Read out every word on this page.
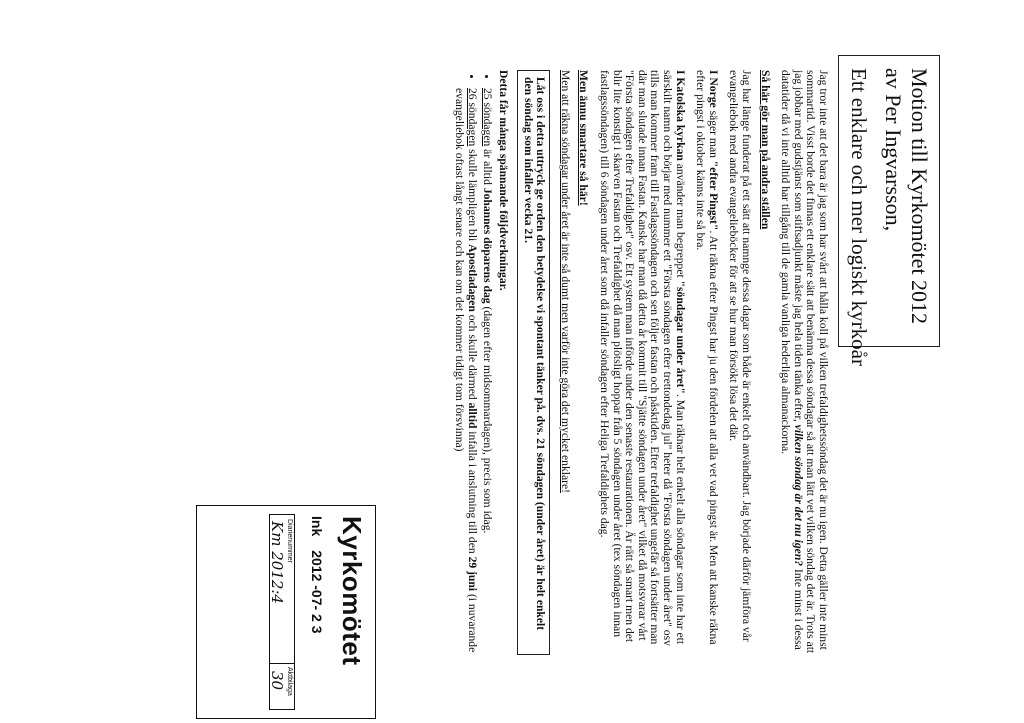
Motion till Kyrkomötet 2012
av Per Ingvarsson,
Ett enklare och mer logiskt kyrkoår
Kyrkomötet
Ink2012 -07- 2 3
Diarienummer
Aktbilaga
Km 2012:4
30

Jag tror inte att det bara är jag som har svårt att hålla koll på vilken trefaldighetssöndag det är nu igen. Detta gäller inte minst sommartid. Visst borde det finnas ett enklare sätt att benämna dessa söndagar så att man lätt vet vilken söndag det är. Trots att jag jobbar med gudstjänst som stiftsadjunkt måste jag hela tiden tänka efter, vilken söndag är det nu igen? Inte minst i dessa datatider då vi inte alltid har tillgång till de gamla vanliga hederliga almanackorna.

Så här gör man på andra ställen

Jag har länge funderat på ett sätt att namnge dessa dagar som både är enkelt och användbart. Jag började därför jämföra vår evangeliebok med andra evangelieböcker för att se hur man försökt lösa det där.

I Norge säger man "efter Pingst". Att räkna efter Pingst har ju den fördelen att alla vet vad pingst är. Men att kanske räkna efter pingst i oktober känns inte så bra.

I Katolska kyrkan använder man begreppet "söndagar under året". Man räknar helt enkelt alla söndagar som inte har ett särskilt namn och börjar med nummer ett "Första söndagen efter trettondedag jul" heter då "Första söndagen under året" osv tills man kommer fram till Fastlagssöndagen och sen följer fastan och påsktiden. Efter trefaldighet ungefär så fortsätter man där man slutade innan Fastan. Kanske har man då detta år kommit till "Sjätte söndagen under året" vilket då motsvarar vårt "Första söndagen efter Trefaldighet" osv. Ett system man införde under den senaste restaurationen. Är rätt så smart men det blir lite konstigt i skarven Fastan och Trefaldighet då man plötsligt hoppar från 5 söndagen under året (tex söndagen innan fastlagssöndagen) till 6 söndagen under året som då infaller söndagen efter Heliga Trefaldighets dag.

Men ännu smartare så här!

Men att räkna söndagar under året är inte så dumt men varför inte göra det mycket enklare!

Låt oss i detta uttryck ge orden den betydelse vi spontant tänker på. dvs. 21 söndagen (under året) är helt enkelt den söndag som infaller vecka 21.
Detta får många spännande följdverkningar.
• 25 söndagen är alltid Johannes döparens dag (dagen efter midsommardagen), precis som idag.
• 26 söndagen skulle lämpligen bli Apostladagen och skulle därmed alltid infalla i anslutning till den 29 juni (i nuvarande evangeliebok oftast långt senare och kan om det kommer tidigt tom försvinna)
